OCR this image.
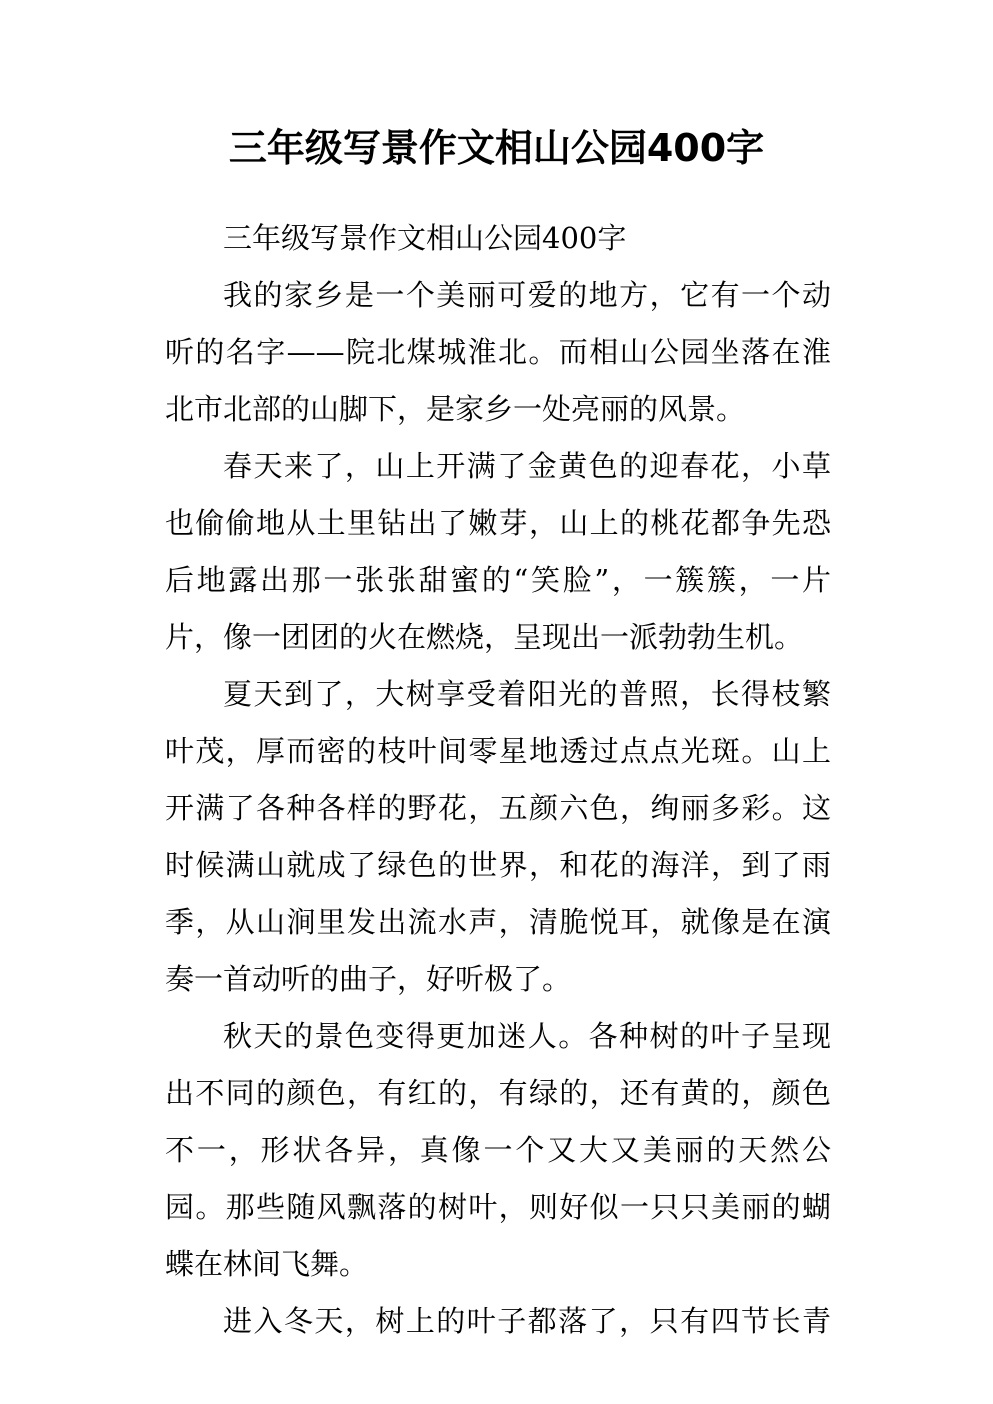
三年级写景作文相山公园400字

三年级写景作文相山公园400字

我的家乡是一个美丽可爱的地方，它有一个动听的名字——院北煤城淮北。而相山公园坐落在淮北市北部的山脚下，是家乡一处亮丽的风景。

春天来了，山上开满了金黄色的迎春花，小草也偷偷地从土里钻出了嫩芽，山上的桃花都争先恐后地露出那一张张甜蜜的“笑脸”，一簇簇，一片片，像一团团的火在燃烧，呈现出一派勃勃生机。

夏天到了，大树享受着阳光的普照，长得枝繁叶茂，厚而密的枝叶间零星地透过点点光斑。山上开满了各种各样的野花，五颜六色，绚丽多彩。这时候满山就成了绿色的世界，和花的海洋，到了雨季，从山涧里发出流水声，清脆悦耳，就像是在演奏一首动听的曲子，好听极了。

秋天的景色变得更加迷人。各种树的叶子呈现出不同的颜色，有红的，有绿的，还有黄的，颜色不一，形状各异，真像一个又大又美丽的天然公园。那些随风飘落的树叶，则好似一只只美丽的蝴蝶在林间飞舞。

进入冬天，树上的叶子都落了，只有四节长青
